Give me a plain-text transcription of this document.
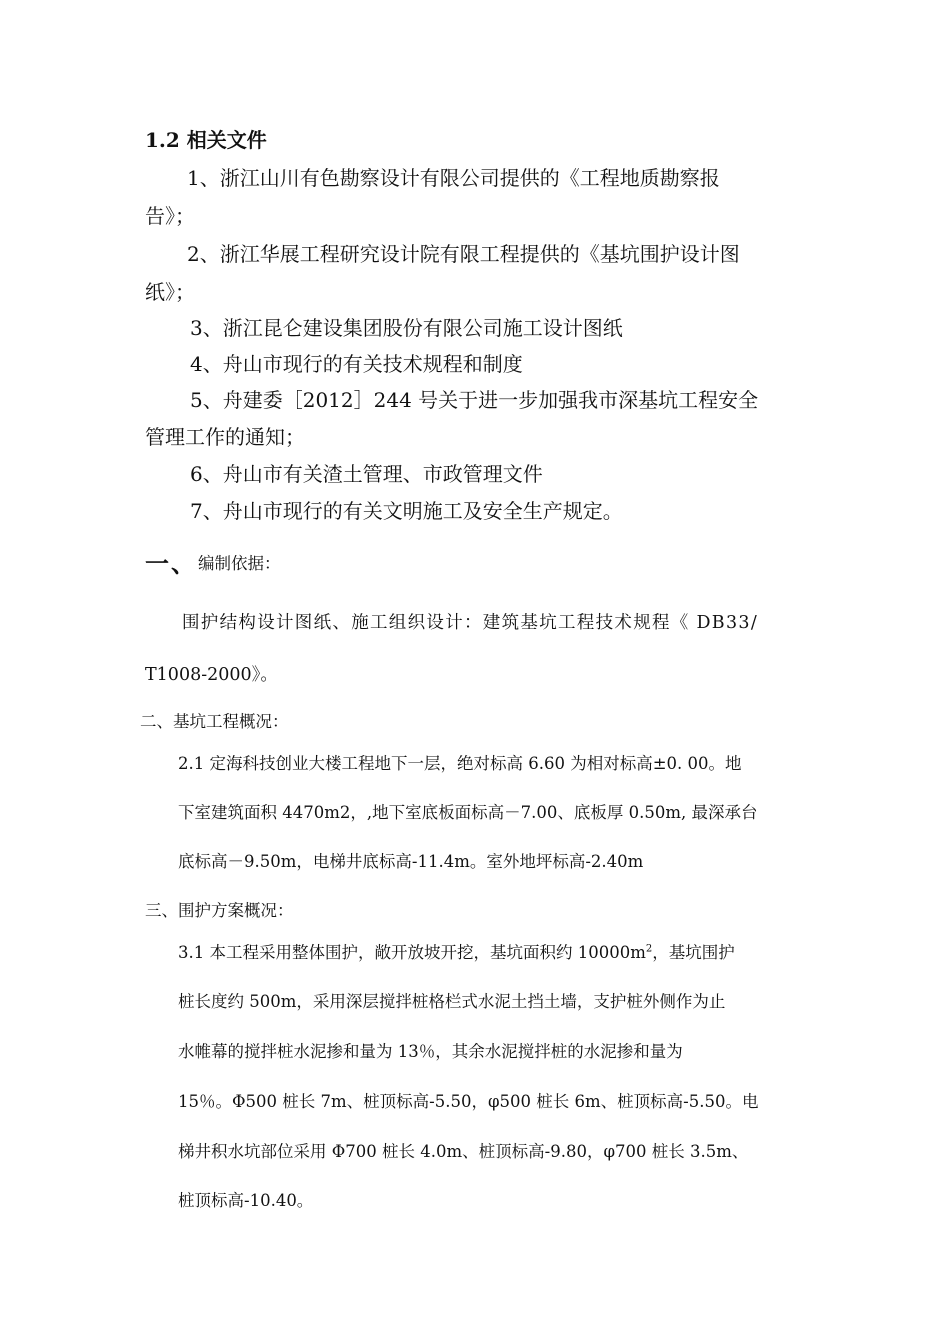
1.2 相关文件
1、浙江山川有色勘察设计有限公司提供的《工程地质勘察报
告》；
2、浙江华展工程研究设计院有限工程提供的《基坑围护设计图
纸》；
3、浙江昆仑建设集团股份有限公司施工设计图纸
4、舟山市现行的有关技术规程和制度
5、舟建委［2012］244 号关于进一步加强我市深基坑工程安全
管理工作的通知；
6、舟山市有关渣土管理、市政管理文件
7、舟山市现行的有关文明施工及安全生产规定。
一、 编制依据：
围护结构设计图纸、施工组织设计：建筑基坑工程技术规程《 DB33/
T1008-2000》。
二、基坑工程概况：
2.1 定海科技创业大楼工程地下一层，绝对标高 6.60 为相对标高±0. 00。地
下室建筑面积 4470m2，,地下室底板面标高－7.00、底板厚 0.50m, 最深承台
底标高－9.50m，电梯井底标高-11.4m。室外地坪标高-2.40m
三、围护方案概况：
3.1 本工程采用整体围护，敞开放坡开挖，基坑面积约 $10000m^2$，基坑围护
桩长度约 500m，采用深层搅拌桩格栏式水泥土挡土墙，支护桩外侧作为止
水帷幕的搅拌桩水泥掺和量为 13％，其余水泥搅拌桩的水泥掺和量为
15％。Φ500 桩长 7m、桩顶标高-5.50，φ500 桩长 6m、桩顶标高-5.50。电
梯井积水坑部位采用 Φ700 桩长 4.0m、桩顶标高-9.80，φ700 桩长 3.5m、
桩顶标高-10.40。
